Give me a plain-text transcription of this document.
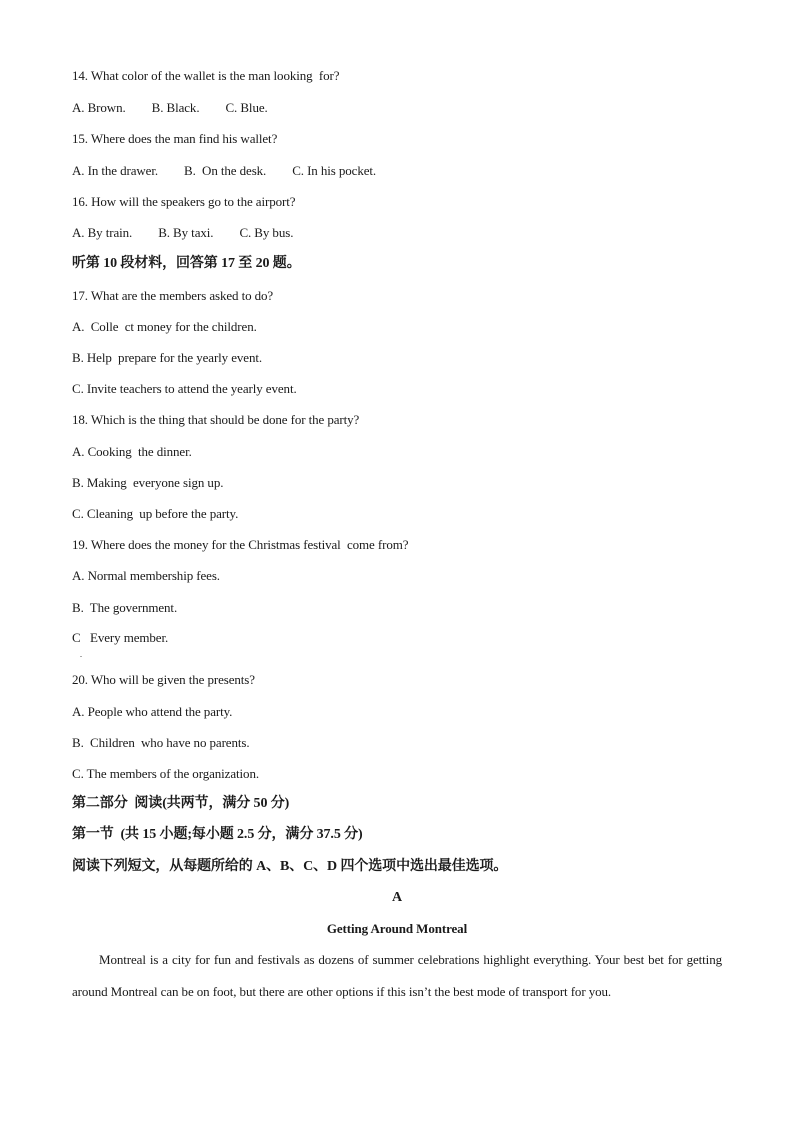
14. What color of the wallet is the man looking  for?
A. Brown. B. Black. C. Blue.
15. Where does the man find his wallet?
A. In the drawer. B.  On the desk. C. In his pocket.
16. How will the speakers go to the airport?
A. By train. B. By taxi. C. By bus.
听第 10 段材料，回答第 17 至 20 题。
17. What are the members asked to do?
A.  Colle  ct money for the children.
B. Help  prepare for the yearly event.
C. Invite teachers to attend the yearly event.
18. Which is the thing that should be done for the party?
A. Cooking  the dinner.
B. Making  everyone sign up.
C. Cleaning  up before the party.
19. Where does the money for the Christmas festival  come from?
A. Normal membership fees.
B.  The government.
C   Every member.
.
20. Who will be given the presents?
A. People who attend the party.
B.  Children  who have no parents.
C. The members of the organization.
第二部分  阅读(共两节，满分 50 分)
第一节  (共 15 小题;每小题 2.5 分，满分 37.5 分)
阅读下列短文，从每题所给的 A、B、C、D 四个选项中选出最佳选项。
A
Getting Around Montreal
Montreal is a city for fun and festivals as dozens of summer celebrations highlight everything. Your best bet for getting around Montreal can be on foot, but there are other options if this isn’t the best mode of transport for you.
